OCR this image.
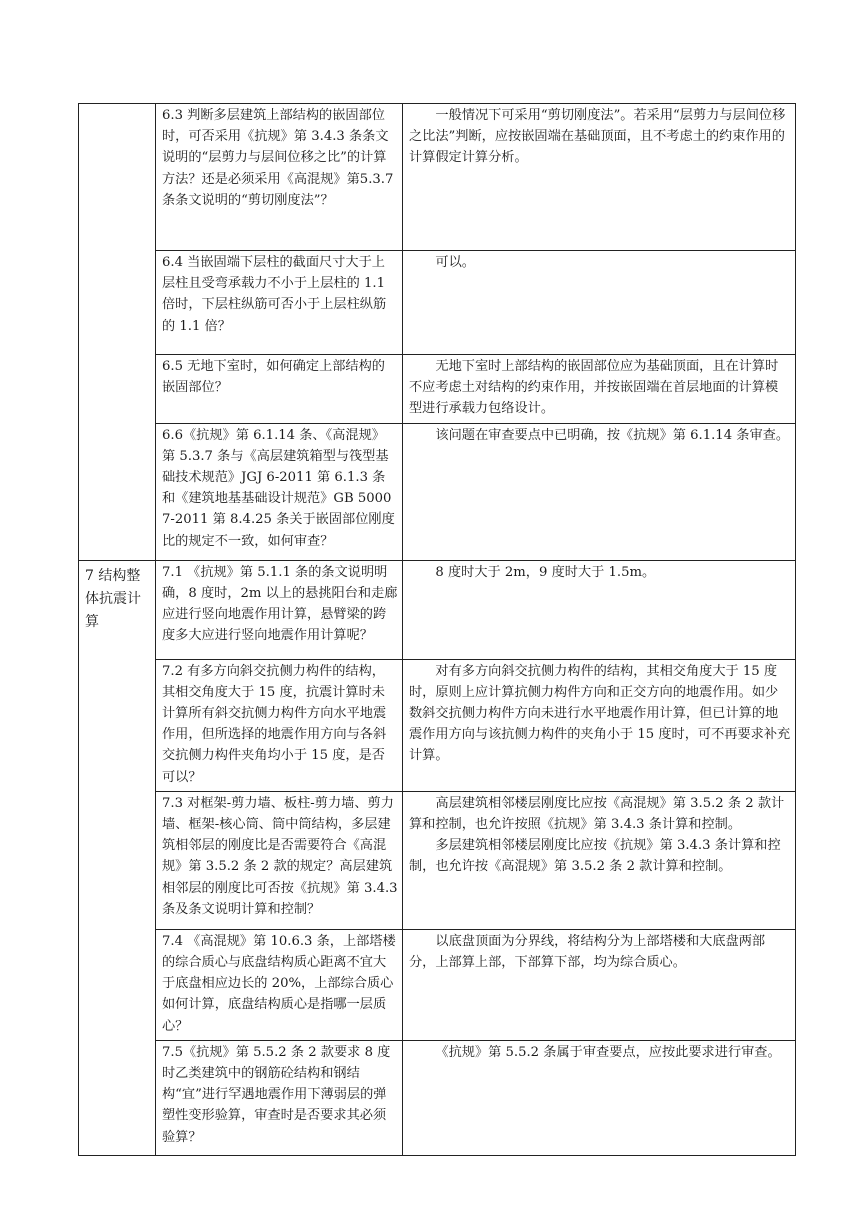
	6.3 判断多层建筑上部结构的嵌固部位时，可否采用《抗规》第 3.4.3 条条文说明的“层剪力与层间位移之比”的计算方法？还是必须采用《高混规》第5.3.7条条文说明的“剪切刚度法”？	一般情况下可采用“剪切刚度法”。若采用“层剪力与层间位移之比法”判断，应按嵌固端在基础顶面，且不考虑土的约束作用的计算假定计算分析。

	6.4 当嵌固端下层柱的截面尺寸大于上层柱且受弯承载力不小于上层柱的 1.1 倍时，下层柱纵筋可否小于上层柱纵筋的 1.1 倍？	可以。

	6.5 无地下室时，如何确定上部结构的嵌固部位？	无地下室时上部结构的嵌固部位应为基础顶面，且在计算时不应考虑土对结构的约束作用，并按嵌固端在首层地面的计算模型进行承载力包络设计。

	6.6《抗规》第 6.1.14 条、《高混规》第 5.3.7 条与《高层建筑箱型与筏型基础技术规范》JGJ 6-2011 第 6.1.3 条和《建筑地基基础设计规范》GB 50007-2011 第 8.4.25 条关于嵌固部位刚度比的规定不一致，如何审查？	该问题在审查要点中已明确，按《抗规》第 6.1.14 条审查。

7 结构整体抗震计算	7.1 《抗规》第 5.1.1 条的条文说明明确，8 度时，2m 以上的悬挑阳台和走廊应进行竖向地震作用计算，悬臂梁的跨度多大应进行竖向地震作用计算呢？	8 度时大于 2m，9 度时大于 1.5m。

	7.2 有多方向斜交抗侧力构件的结构，其相交角度大于 15 度，抗震计算时未计算所有斜交抗侧力构件方向水平地震作用，但所选择的地震作用方向与各斜交抗侧力构件夹角均小于 15 度，是否可以？	对有多方向斜交抗侧力构件的结构，其相交角度大于 15 度时，原则上应计算抗侧力构件方向和正交方向的地震作用。如少数斜交抗侧力构件方向未进行水平地震作用计算，但已计算的地震作用方向与该抗侧力构件的夹角小于 15 度时，可不再要求补充计算。

	7.3 对框架-剪力墙、板柱-剪力墙、剪力墙、框架-核心筒、筒中筒结构，多层建筑相邻层的刚度比是否需要符合《高混规》第 3.5.2 条 2 款的规定？高层建筑相邻层的刚度比可否按《抗规》第 3.4.3 条及条文说明计算和控制？	高层建筑相邻楼层刚度比应按《高混规》第 3.5.2 条 2 款计算和控制，也允许按照《抗规》第 3.4.3 条计算和控制。

多层建筑相邻楼层刚度比应按《抗规》第 3.4.3 条计算和控制，也允许按《高混规》第 3.5.2 条 2 款计算和控制。

	7.4 《高混规》第 10.6.3 条，上部塔楼的综合质心与底盘结构质心距离不宜大于底盘相应边长的 20%，上部综合质心如何计算，底盘结构质心是指哪一层质心？	以底盘顶面为分界线，将结构分为上部塔楼和大底盘两部分，上部算上部，下部算下部，均为综合质心。

	7.5《抗规》第 5.5.2 条 2 款要求 8 度时乙类建筑中的钢筋砼结构和钢结构“宜”进行罕遇地震作用下薄弱层的弹塑性变形验算，审查时是否要求其必须验算？	《抗规》第 5.5.2 条属于审查要点，应按此要求进行审查。
